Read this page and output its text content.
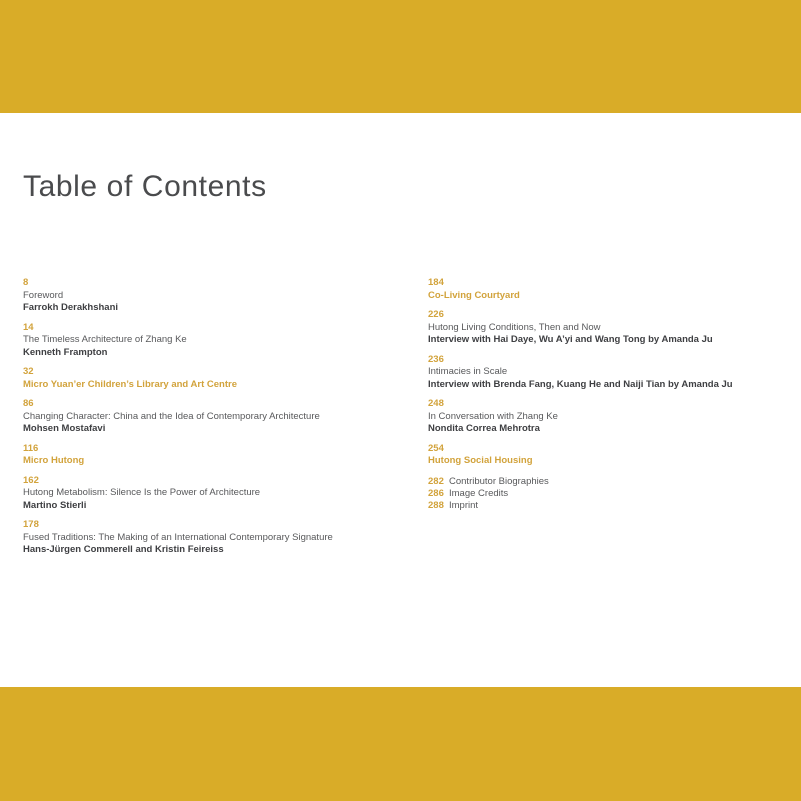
Table of Contents
8
Foreword
Farrokh Derakhshani
14
The Timeless Architecture of Zhang Ke
Kenneth Frampton
32
Micro Yuan’er Children’s Library and Art Centre
86
Changing Character: China and the Idea of Contemporary Architecture
Mohsen Mostafavi
116
Micro Hutong
162
Hutong Metabolism: Silence Is the Power of Architecture
Martino Stierli
178
Fused Traditions: The Making of an International Contemporary Signature
Hans-Jürgen Commerell and Kristin Feireiss
184
Co-Living Courtyard
226
Hutong Living Conditions, Then and Now
Interview with Hai Daye, Wu A’yi and Wang Tong by Amanda Ju
236
Intimacies in Scale
Interview with Brenda Fang, Kuang He and Naiji Tian by Amanda Ju
248
In Conversation with Zhang Ke
Nondita Correa Mehrotra
254
Hutong Social Housing
282 Contributor Biographies
286 Image Credits
288 Imprint
